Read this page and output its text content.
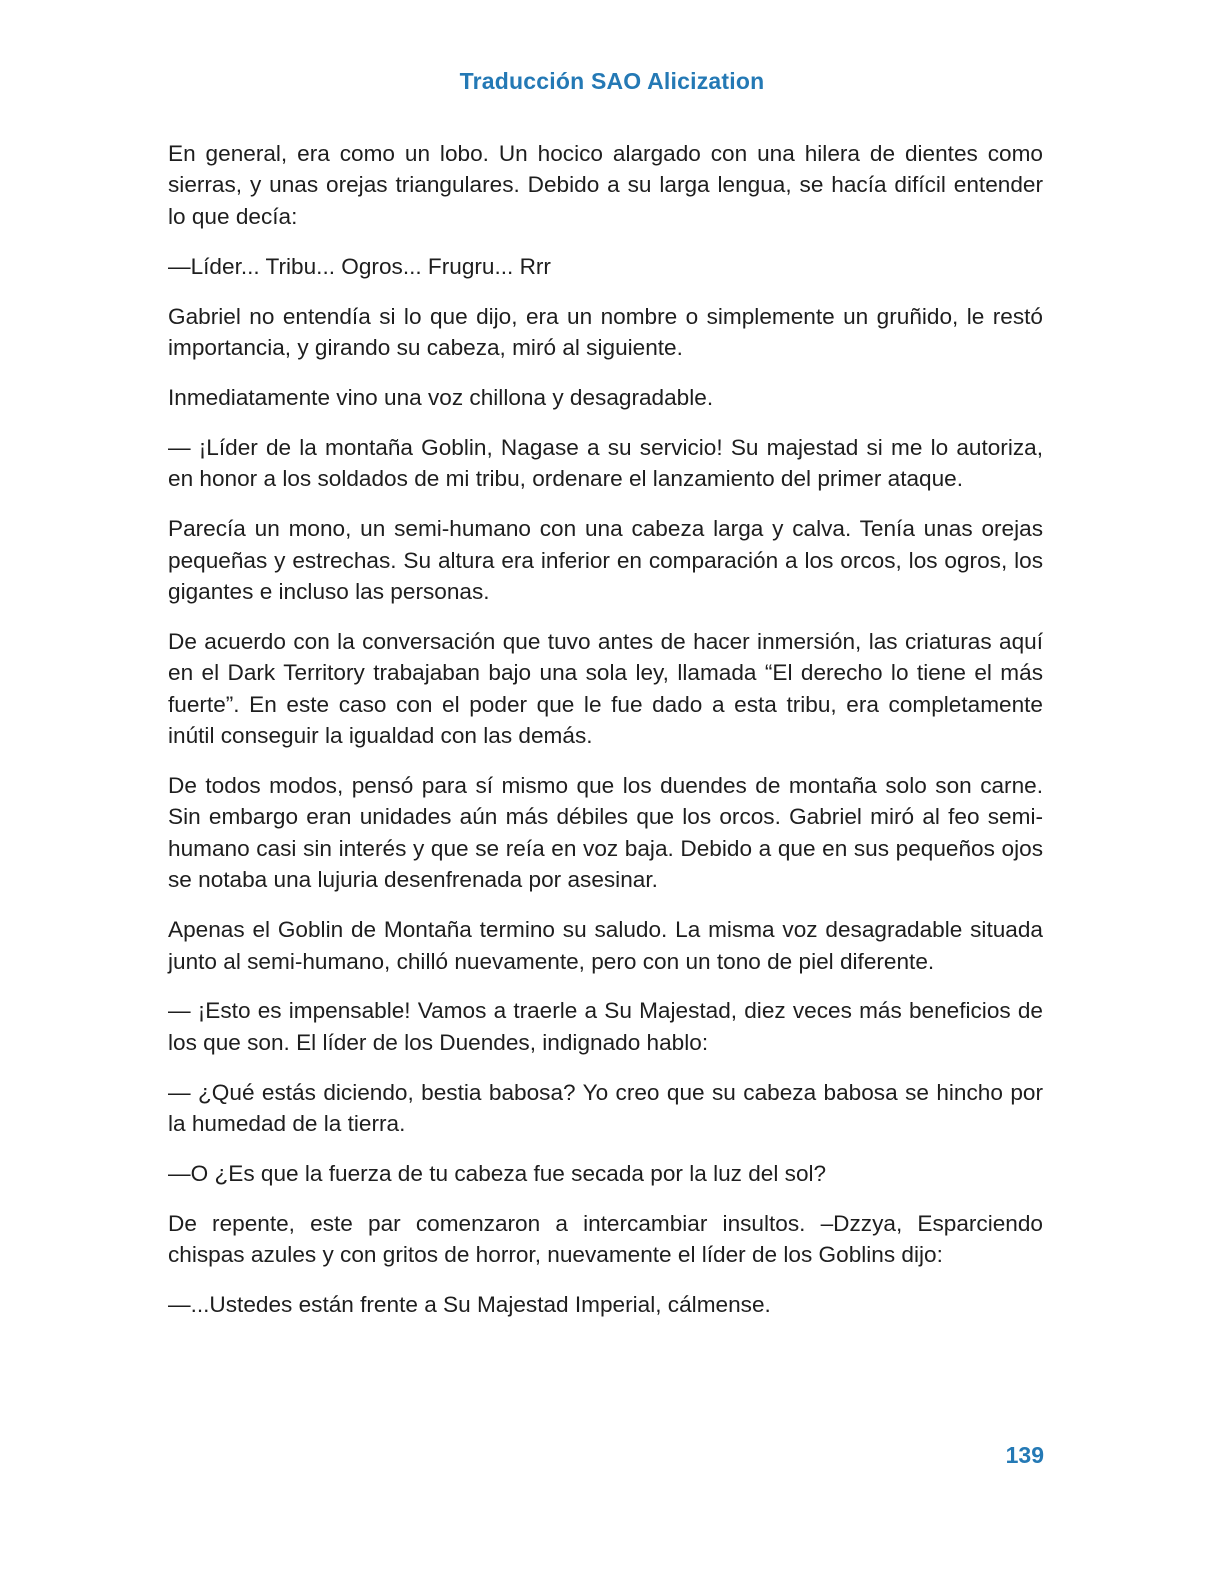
Traducción SAO Alicization

En general, era como un lobo. Un hocico alargado con una hilera de dientes como sierras, y unas orejas triangulares. Debido a su larga lengua, se hacía difícil entender lo que decía:

—Líder... Tribu... Ogros... Frugru... Rrr

Gabriel no entendía si lo que dijo, era un nombre o simplemente un gruñido, le restó importancia, y girando su cabeza, miró al siguiente.

Inmediatamente vino una voz chillona y desagradable.

— ¡Líder de la montaña Goblin, Nagase a su servicio! Su majestad si me lo autoriza, en honor a los soldados de mi tribu, ordenare el lanzamiento del primer ataque.

Parecía un mono, un semi-humano con una cabeza larga y calva. Tenía unas orejas pequeñas y estrechas. Su altura era inferior en comparación a los orcos, los ogros, los gigantes e incluso las personas.

De acuerdo con la conversación que tuvo antes de hacer inmersión, las criaturas aquí en el Dark Territory trabajaban bajo una sola ley, llamada “El derecho lo tiene el más fuerte”. En este caso con el poder que le fue dado a esta tribu, era completamente inútil conseguir la igualdad con las demás.

De todos modos, pensó para sí mismo que los duendes de montaña solo son carne. Sin embargo eran unidades aún más débiles que los orcos. Gabriel miró al feo semi-humano casi sin interés y que se reía en voz baja. Debido a que en sus pequeños ojos se notaba una lujuria desenfrenada por asesinar.

Apenas el Goblin de Montaña termino su saludo. La misma voz desagradable situada junto al semi-humano, chilló nuevamente, pero con un tono de piel diferente.

— ¡Esto es impensable! Vamos a traerle a Su Majestad, diez veces más beneficios de los que son. El líder de los Duendes, indignado hablo:

— ¿Qué estás diciendo, bestia babosa? Yo creo que su cabeza babosa se hincho por la humedad de la tierra.

—O ¿Es que la fuerza de tu cabeza fue secada por la luz del sol?

De repente, este par comenzaron a intercambiar insultos. –Dzzya, Esparciendo chispas azules y con gritos de horror, nuevamente el líder de los Goblins dijo:

—...Ustedes están frente a Su Majestad Imperial, cálmense.

139
